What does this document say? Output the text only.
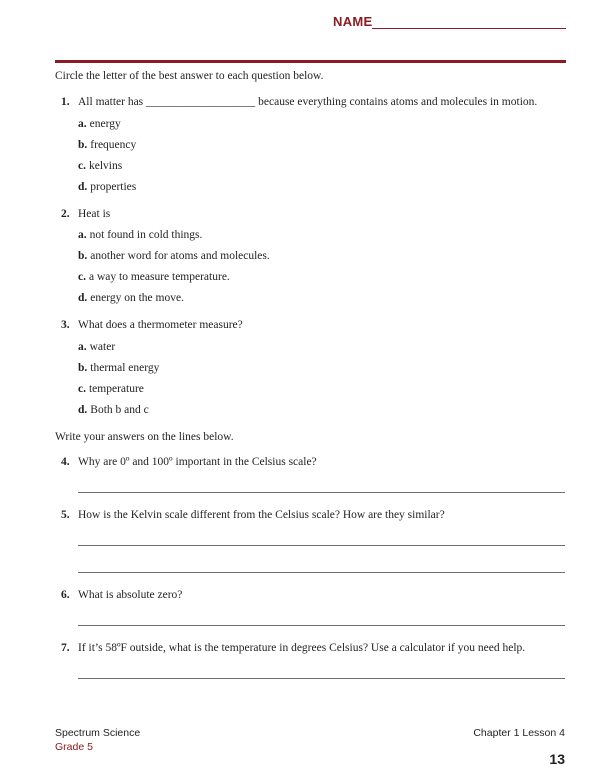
NAME
Circle the letter of the best answer to each question below.
1. All matter has ___________________ because everything contains atoms and molecules in motion.
a. energy
b. frequency
c. kelvins
d. properties
2. Heat is
a. not found in cold things.
b. another word for atoms and molecules.
c. a way to measure temperature.
d. energy on the move.
3. What does a thermometer measure?
a. water
b. thermal energy
c. temperature
d. Both b and c
Write your answers on the lines below.
4. Why are 0º and 100º important in the Celsius scale?
5. How is the Kelvin scale different from the Celsius scale? How are they similar?
6. What is absolute zero?
7. If it’s 58ºF outside, what is the temperature in degrees Celsius? Use a calculator if you need help.
Spectrum Science
Grade 5
Chapter 1 Lesson 4
13
